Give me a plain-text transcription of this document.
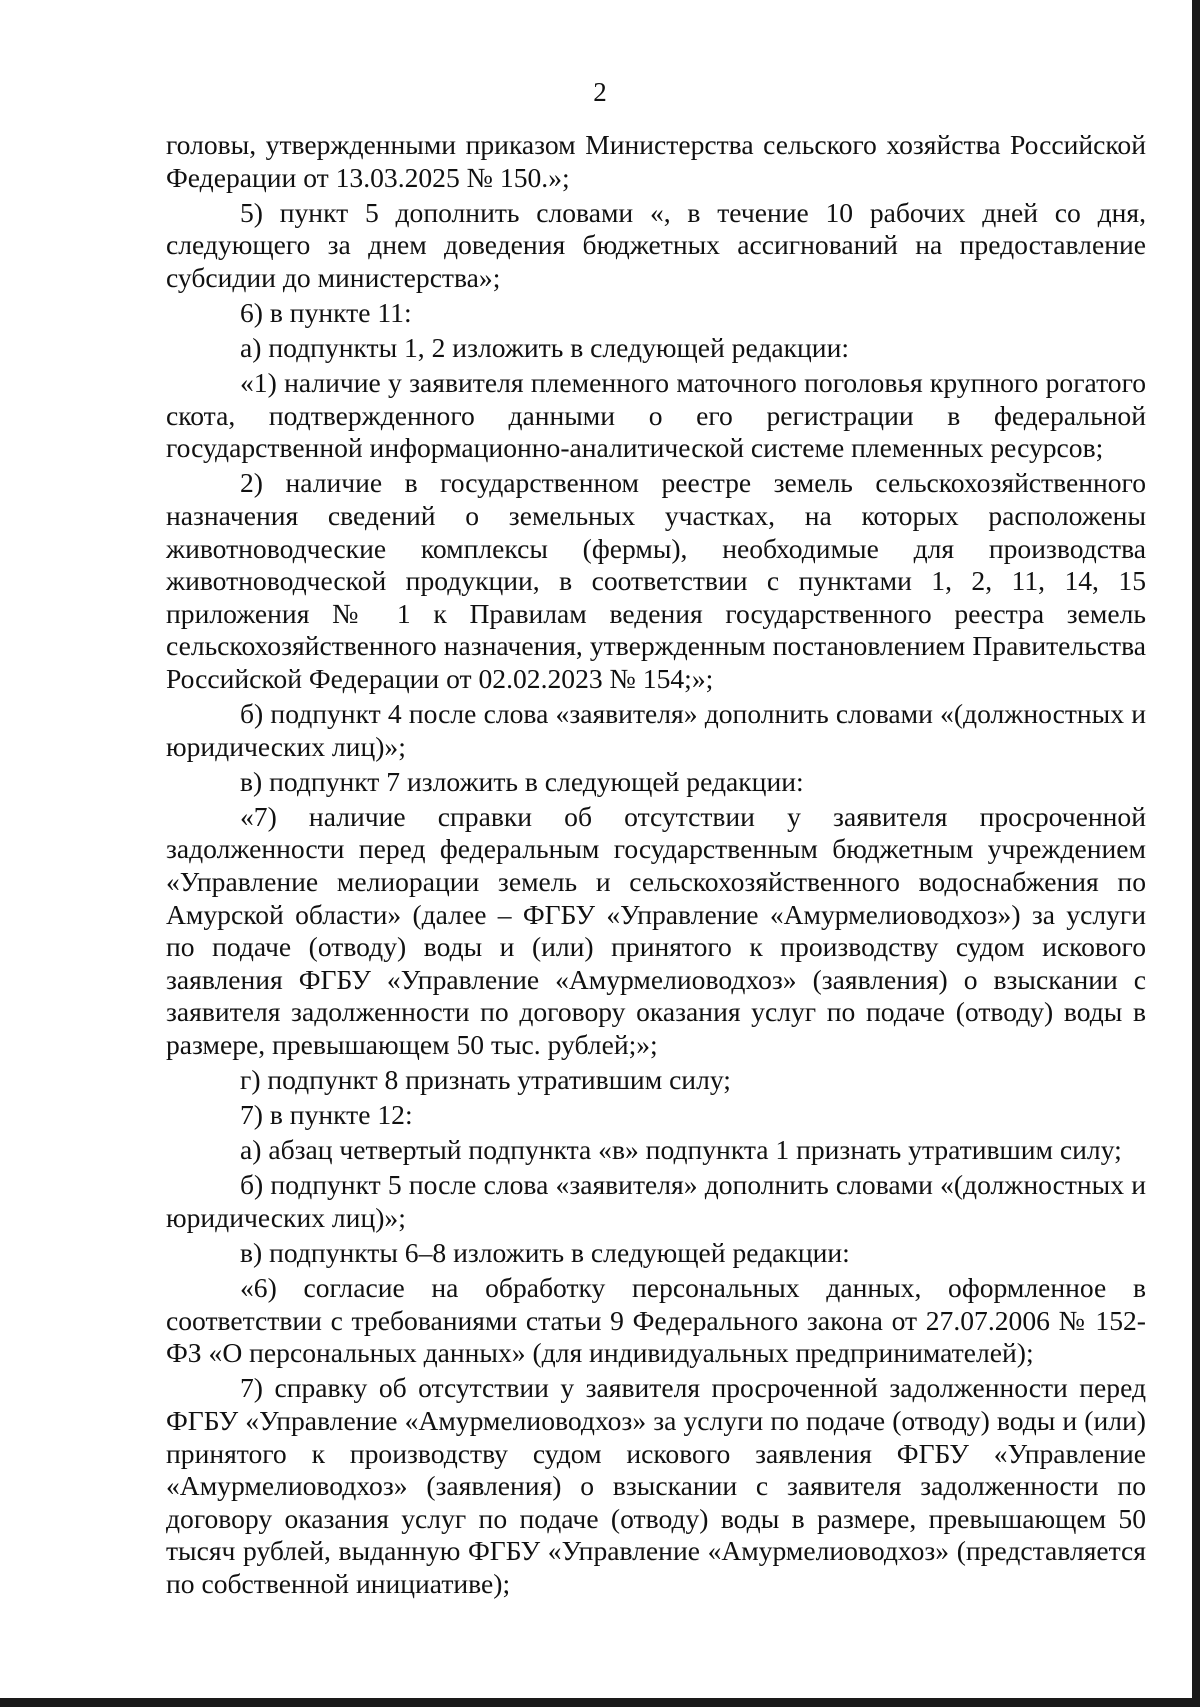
2

головы, утвержденными приказом Министерства сельского хозяйства Российской Федерации от 13.03.2025 № 150.»;

5) пункт 5 дополнить словами «, в течение 10 рабочих дней со дня, следующего за днем доведения бюджетных ассигнований на предоставление субсидии до министерства»;

6) в пункте 11:

а) подпункты 1, 2 изложить в следующей редакции:

«1) наличие у заявителя племенного маточного поголовья крупного рогатого скота, подтвержденного данными о его регистрации в федеральной государственной информационно-аналитической системе племенных ресурсов;

2) наличие в государственном реестре земель сельскохозяйственного назначения сведений о земельных участках, на которых расположены животноводческие комплексы (фермы), необходимые для производства животноводческой продукции, в соответствии с пунктами 1, 2, 11, 14, 15 приложения № 1 к Правилам ведения государственного реестра земель сельскохозяйственного назначения, утвержденным постановлением Правительства Российской Федерации от 02.02.2023 № 154;»;

б) подпункт 4 после слова «заявителя» дополнить словами «(должностных и юридических лиц)»;

в) подпункт 7 изложить в следующей редакции:

«7) наличие справки об отсутствии у заявителя просроченной задолженности перед федеральным государственным бюджетным учреждением «Управление мелиорации земель и сельскохозяйственного водоснабжения по Амурской области» (далее – ФГБУ «Управление «Амурмелиоводхоз») за услуги по подаче (отводу) воды и (или) принятого к производству судом искового заявления ФГБУ «Управление «Амурмелиоводхоз» (заявления) о взыскании с заявителя задолженности по договору оказания услуг по подаче (отводу) воды в размере, превышающем 50 тыс. рублей;»;

г) подпункт 8 признать утратившим силу;

7) в пункте 12:

а) абзац четвертый подпункта «в» подпункта 1 признать утратившим силу;

б) подпункт 5 после слова «заявителя» дополнить словами «(должностных и юридических лиц)»;

в) подпункты 6–8 изложить в следующей редакции:

«6) согласие на обработку персональных данных, оформленное в соответствии с требованиями статьи 9 Федерального закона от 27.07.2006 № 152-ФЗ «О персональных данных» (для индивидуальных предпринимателей);

7) справку об отсутствии у заявителя просроченной задолженности перед ФГБУ «Управление «Амурмелиоводхоз» за услуги по подаче (отводу) воды и (или) принятого к производству судом искового заявления ФГБУ «Управление «Амурмелиоводхоз» (заявления) о взыскании с заявителя задолженности по договору оказания услуг по подаче (отводу) воды в размере, превышающем 50 тысяч рублей, выданную ФГБУ «Управление «Амурмелиоводхоз» (представляется по собственной инициативе);
